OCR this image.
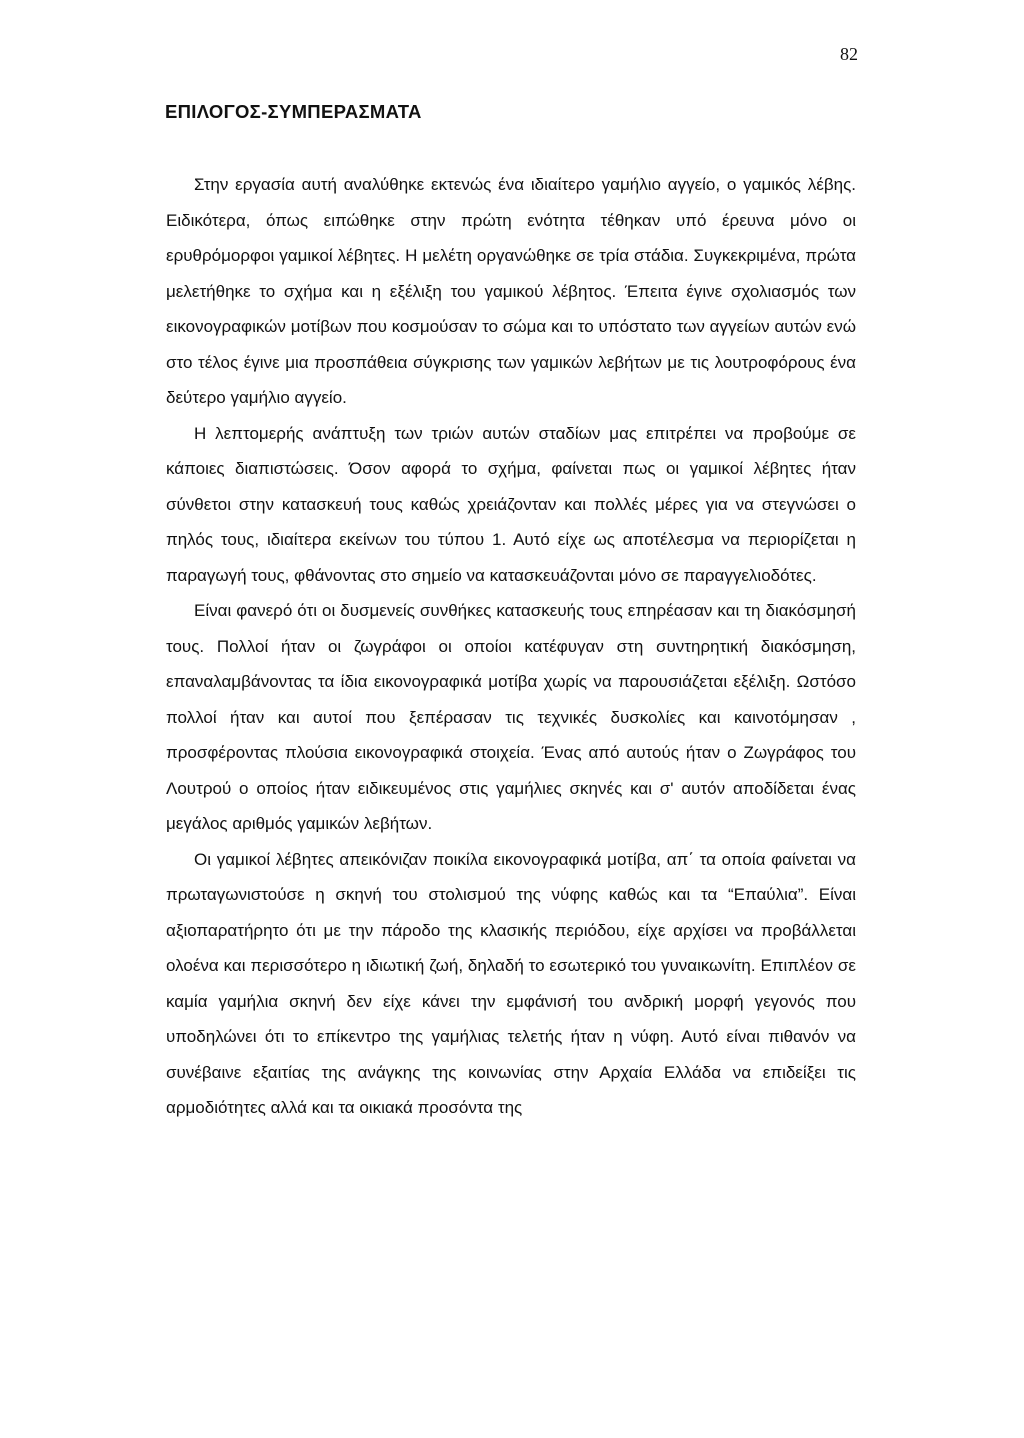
82
ΕΠΙΛΟΓΟΣ-ΣΥΜΠΕΡΑΣΜΑΤΑ

Στην εργασία αυτή αναλύθηκε εκτενώς ένα ιδιαίτερο γαμήλιο αγγείο, ο γαμικός λέβης. Ειδικότερα, όπως ειπώθηκε στην πρώτη ενότητα τέθηκαν υπό έρευνα μόνο οι ερυθρόμορφοι γαμικοί λέβητες. Η μελέτη οργανώθηκε σε τρία στάδια. Συγκεκριμένα, πρώτα μελετήθηκε το σχήμα και η εξέλιξη του γαμικού λέβητος. Έπειτα έγινε σχολιασμός των εικονογραφικών μοτίβων που κοσμούσαν το σώμα και το υπόστατο των αγγείων αυτών ενώ στο τέλος έγινε μια προσπάθεια σύγκρισης των γαμικών λεβήτων με τις λουτροφόρους ένα δεύτερο γαμήλιο αγγείο.

Η λεπτομερής ανάπτυξη των τριών αυτών σταδίων μας επιτρέπει να προβούμε σε κάποιες διαπιστώσεις. Όσον αφορά το σχήμα, φαίνεται πως οι γαμικοί λέβητες ήταν σύνθετοι στην κατασκευή τους καθώς χρειάζονταν και πολλές μέρες για να στεγνώσει ο πηλός τους, ιδιαίτερα εκείνων του τύπου 1. Αυτό είχε ως αποτέλεσμα να περιορίζεται η παραγωγή τους, φθάνοντας στο σημείο να κατασκευάζονται μόνο σε παραγγελιοδότες.

Είναι φανερό ότι οι δυσμενείς συνθήκες κατασκευής τους επηρέασαν και τη διακόσμησή τους. Πολλοί ήταν οι ζωγράφοι οι οποίοι κατέφυγαν στη συντηρητική διακόσμηση, επαναλαμβάνοντας τα ίδια εικονογραφικά μοτίβα χωρίς να παρουσιάζεται εξέλιξη. Ωστόσο πολλοί ήταν και αυτοί που ξεπέρασαν τις τεχνικές δυσκολίες και καινοτόμησαν , προσφέροντας πλούσια εικονογραφικά στοιχεία. Ένας από αυτούς ήταν ο Ζωγράφος του Λουτρού ο οποίος ήταν ειδικευμένος στις γαμήλιες σκηνές και σ' αυτόν αποδίδεται ένας μεγάλος αριθμός γαμικών λεβήτων.

Οι γαμικοί λέβητες απεικόνιζαν ποικίλα εικονογραφικά μοτίβα, απ΄ τα οποία φαίνεται να πρωταγωνιστούσε η σκηνή του στολισμού της νύφης καθώς και τα “Επαύλια”. Είναι αξιοπαρατήρητο ότι με την πάροδο της κλασικής περιόδου, είχε αρχίσει να προβάλλεται ολοένα και περισσότερο η ιδιωτική ζωή, δηλαδή το εσωτερικό του γυναικωνίτη. Επιπλέον σε καμία γαμήλια σκηνή δεν είχε κάνει την εμφάνισή του ανδρική μορφή γεγονός που υποδηλώνει ότι το επίκεντρο της γαμήλιας τελετής ήταν η νύφη. Αυτό είναι πιθανόν να συνέβαινε εξαιτίας της ανάγκης της κοινωνίας στην Αρχαία Ελλάδα να επιδείξει τις αρμοδιότητες αλλά και τα οικιακά προσόντα της
